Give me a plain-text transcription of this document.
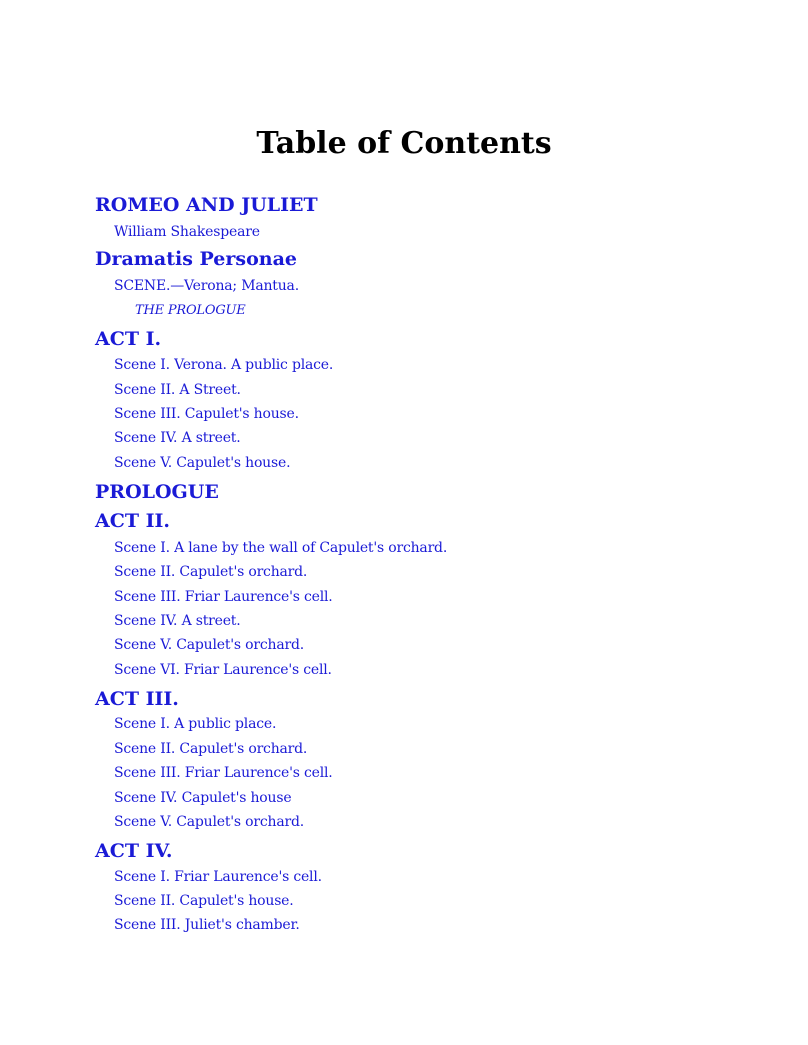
Table of Contents
ROMEO AND JULIET
William Shakespeare
Dramatis Personae
SCENE.—Verona; Mantua.
THE PROLOGUE
ACT I.
Scene I. Verona. A public place.
Scene II. A Street.
Scene III. Capulet's house.
Scene IV. A street.
Scene V. Capulet's house.
PROLOGUE
ACT II.
Scene I. A lane by the wall of Capulet's orchard.
Scene II. Capulet's orchard.
Scene III. Friar Laurence's cell.
Scene IV. A street.
Scene V. Capulet's orchard.
Scene VI. Friar Laurence's cell.
ACT III.
Scene I. A public place.
Scene II. Capulet's orchard.
Scene III. Friar Laurence's cell.
Scene IV. Capulet's house
Scene V. Capulet's orchard.
ACT IV.
Scene I. Friar Laurence's cell.
Scene II. Capulet's house.
Scene III. Juliet's chamber.
